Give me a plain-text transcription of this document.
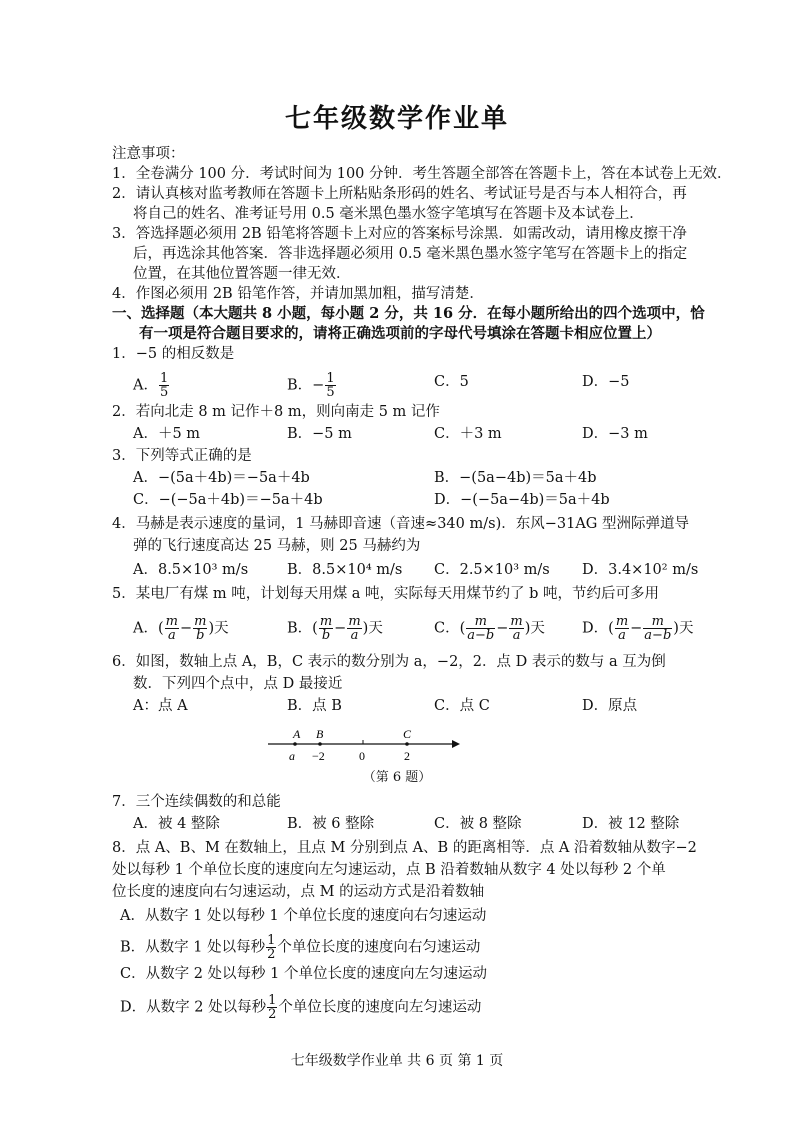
七年级数学作业单
注意事项：
1．全卷满分 100 分．考试时间为 100 分钟．考生答题全部答在答题卡上，答在本试卷上无效．
2．请认真核对监考教师在答题卡上所粘贴条形码的姓名、考试证号是否与本人相符合，再
将自己的姓名、准考证号用 0.5 毫米黑色墨水签字笔填写在答题卡及本试卷上．
3．答选择题必须用 2B 铅笔将答题卡上对应的答案标号涂黑．如需改动，请用橡皮擦干净
后，再选涂其他答案．答非选择题必须用 0.5 毫米黑色墨水签字笔写在答题卡上的指定
位置，在其他位置答题一律无效．
4．作图必须用 2B 铅笔作答，并请加黑加粗，描写清楚．
一、选择题（本大题共 8 小题，每小题 2 分，共 16 分．在每小题所给出的四个选项中，恰
有一项是符合题目要求的，请将正确选项前的字母代号填涂在答题卡相应位置上）
1．−5 的相反数是
A． $\frac{1}{5}$	B．− $\frac{1}{5}$	C．5	D．−5
2．若向北走 8 m 记作＋8 m，则向南走 5 m 记作
A．＋5 m	B．−5 m	C．＋3 m	D．−3 m
3．下列等式正确的是
A．−(5a＋4b)＝−5a＋4b	B．−(5a−4b)＝5a＋4b
C．−(−5a＋4b)＝−5a＋4b	D．−(−5a−4b)＝5a＋4b
4．马赫是表示速度的量词，1 马赫即音速（音速≈340 m/s)．东风−31AG 型洲际弹道导
弹的飞行速度高达 25 马赫，则 25 马赫约为
A．8.5×10³ m/s	B．8.5×10⁴ m/s C．2.5×10³ m/s D．3.4×10² m/s
5．某电厂有煤 m 吨，计划每天用煤 a 吨，实际每天用煤节约了 b 吨，节约后可多用
A．( $\frac{m}{a} - \frac{m}{b}$ )天	B．( $\frac{m}{b} - \frac{m}{a}$ )天	C．( $\frac{m}{a-b} - \frac{m}{a}$ )天	D．( $\frac{m}{a} - \frac{m}{a-b}$ )天
6．如图，数轴上点 A，B，C 表示的数分别为 a，−2，2．点 D 表示的数与 a 互为倒
数．下列四个点中，点 D 最接近
A：点 A	B．点 B	C．点 C	D．原点
A B	C
a −2	0	2
（第 6 题）
7．三个连续偶数的和总能
A．被 4 整除	B．被 6 整除	C．被 8 整除	D．被 12 整除
8．点 A、B、M 在数轴上，且点 M 分别到点 A、B 的距离相等．点 A 沿着数轴从数字−2
处以每秒 1 个单位长度的速度向左匀速运动，点 B 沿着数轴从数字 4 处以每秒 2 个单
位长度的速度向右匀速运动，点 M 的运动方式是沿着数轴
A．从数字 1 处以每秒 1 个单位长度的速度向右匀速运动
B．从数字 1 处以每秒 $\frac{1}{2}$ 个单位长度的速度向右匀速运动
C．从数字 2 处以每秒 1 个单位长度的速度向左匀速运动
D．从数字 2 处以每秒 $\frac{1}{2}$ 个单位长度的速度向左匀速运动
七年级数学作业单 共 6 页 第 1 页
